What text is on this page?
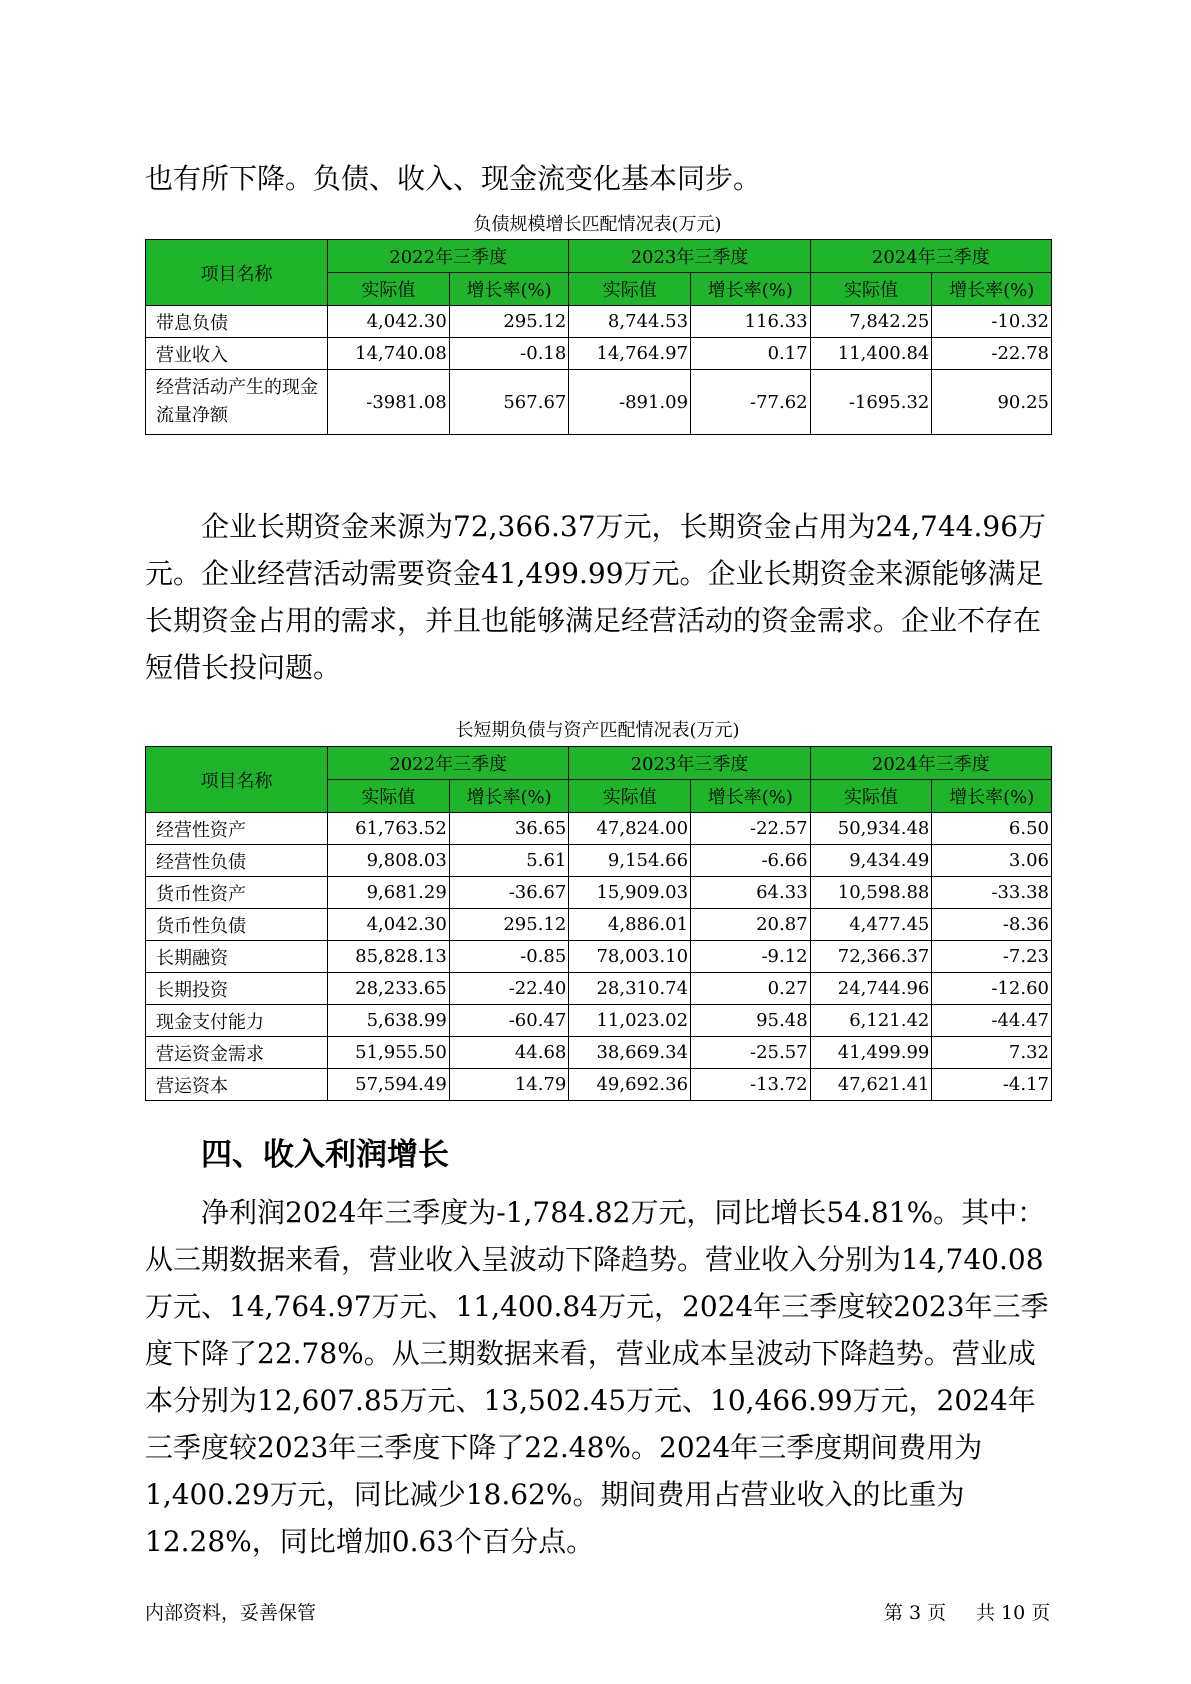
也有所下降。负债、收入、现金流变化基本同步。

负债规模增长匹配情况表(万元)
项目名称	2022年三季度		2023年三季度		2024年三季度	
	实际值	增长率(%)	实际值	增长率(%)	实际值	增长率(%)
带息负债	4,042.30	295.12	8,744.53	116.33	7,842.25	-10.32
营业收入	14,740.08	-0.18	14,764.97	0.17	11,400.84	-22.78
经营活动产生的现金流量净额	-3981.08	567.67	-891.09	-77.62	-1695.32	90.25

企业长期资金来源为72,366.37万元，长期资金占用为24,744.96万元。企业经营活动需要资金41,499.99万元。企业长期资金来源能够满足长期资金占用的需求，并且也能够满足经营活动的资金需求。企业不存在短借长投问题。

长短期负债与资产匹配情况表(万元)
项目名称	2022年三季度		2023年三季度		2024年三季度	
	实际值	增长率(%)	实际值	增长率(%)	实际值	增长率(%)
经营性资产	61,763.52	36.65	47,824.00	-22.57	50,934.48	6.50
经营性负债	9,808.03	5.61	9,154.66	-6.66	9,434.49	3.06
货币性资产	9,681.29	-36.67	15,909.03	64.33	10,598.88	-33.38
货币性负债	4,042.30	295.12	4,886.01	20.87	4,477.45	-8.36
长期融资	85,828.13	-0.85	78,003.10	-9.12	72,366.37	-7.23
长期投资	28,233.65	-22.40	28,310.74	0.27	24,744.96	-12.60
现金支付能力	5,638.99	-60.47	11,023.02	95.48	6,121.42	-44.47
营运资金需求	51,955.50	44.68	38,669.34	-25.57	41,499.99	7.32
营运资本	57,594.49	14.79	49,692.36	-13.72	47,621.41	-4.17
四、收入利润增长

净利润2024年三季度为-1,784.82万元，同比增长54.81%。其中：从三期数据来看，营业收入呈波动下降趋势。营业收入分别为14,740.08万元、14,764.97万元、11,400.84万元，2024年三季度较2023年三季度下降了22.78%。从三期数据来看，营业成本呈波动下降趋势。营业成本分别为12,607.85万元、13,502.45万元、10,466.99万元，2024年三季度较2023年三季度下降了22.48%。2024年三季度期间费用为1,400.29万元，同比减少18.62%。期间费用占营业收入的比重为12.28%，同比增加0.63个百分点。

内部资料，妥善保管	第 3 页 共 10 页
